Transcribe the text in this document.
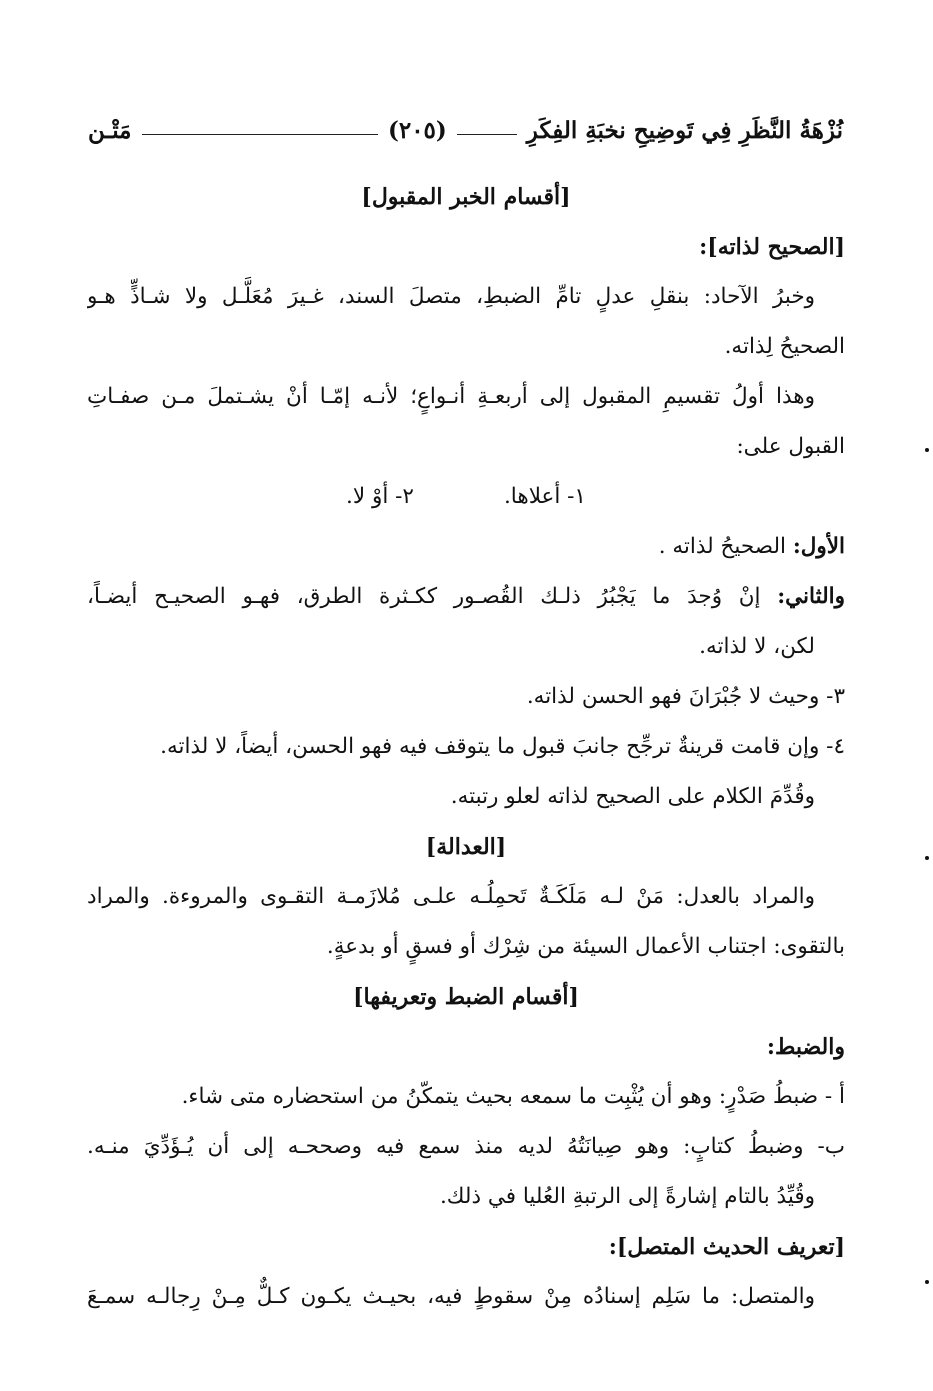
نُزْهَةُ النَّظَرِ فِي تَوضِيحِ نخبَةِ الفِكَرِ
(٢٠٥)
مَتْـن
[أقسام الخبر المقبول]
[الصحيح لذاته]:
وخبرُ الآحاد: بنقلِ عدلٍ تامِّ الضبطِ، متصلَ السند، غـيرَ مُعَلَّـل ولا شـاذٍّ هـو
الصحيحُ لِذاته.
وهذا أولُ تقسيمِ المقبول إلى أربعـةِ أنـواعٍ؛ لأنـه إمّـا أنْ يشـتملَ مـن صفـاتِ
القبول على:
١- أعلاها.
٢- أوْ لا.
الأول: الصحيحُ لذاته .
والثاني: إنْ وُجدَ ما يَجْبُرُ ذلـك القُصـور ككـثرة الطرق، فهـو الصحيـح أيضـاً،
لكن، لا لذاته.
٣- وحيث لا جُبْرَانَ فهو الحسن لذاته.
٤- وإن قامت قرينةٌ ترجِّح جانبَ قبول ما يتوقف فيه فهو الحسن، أيضاً، لا لذاته.
وقُدِّمَ الكلام على الصحيح لذاته لعلو رتبته.
[العدالة]
والمراد بالعدل: مَنْ لـه مَلَكَـةٌ تَحمِلُـه علـى مُلازَمـة التقـوى والمروءة. والمراد
بالتقوى: اجتناب الأعمال السيئة من شِرْك أو فسقٍ أو بدعةٍ.
[أقسام الضبط وتعريفها]
والضبط:
أ - ضبطُ صَدْرٍ: وهو أن يُثْبِت ما سمعه بحيث يتمكّنُ من استحضاره متى شاء.
ب- وضبطُ كتابٍ: وهو صِيانَتُهُ لديه منذ سمع فيه وصححـه إلى أن يُـؤَدِّيَ منـه.
وقُيِّدُ بالتام إشارةً إلى الرتبةِ العُليا في ذلك.
[تعريف الحديث المتصل]:
والمتصل: ما سَلِم إسنادُه مِنْ سقوطٍ فيه، بحيـث يكـون كـلٌّ مِـنْ رِجالـه سمـعَ
